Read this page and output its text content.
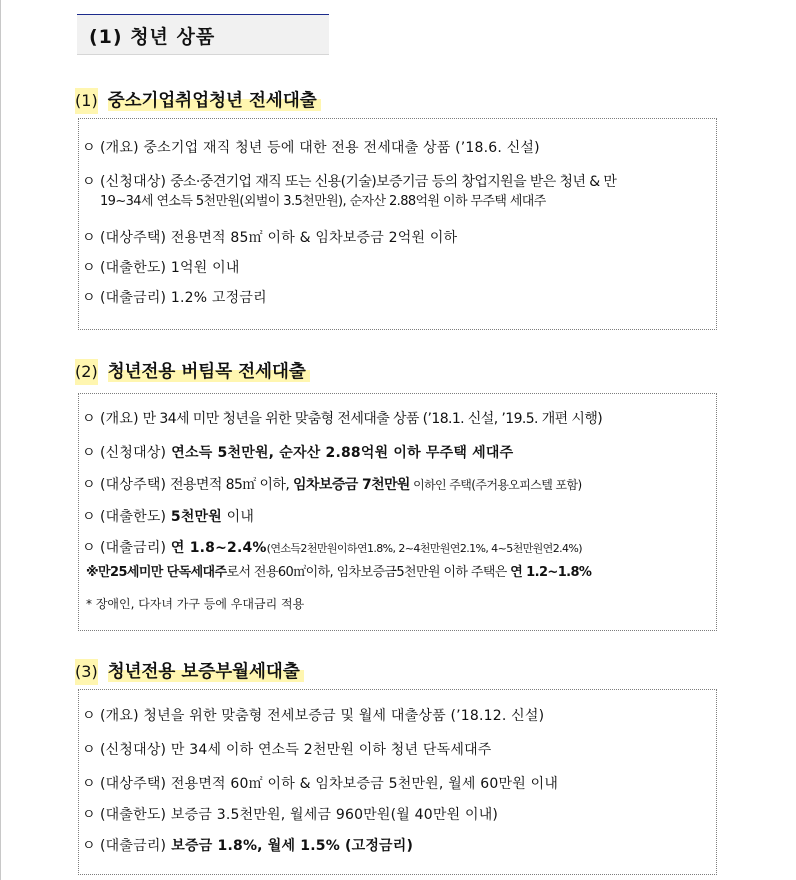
(1) 청년 상품
(1) 중소기업취업청년 전세대출
ㅇ (개요) 중소기업 재직 청년 등에 대한 전용 전세대출 상품 (’18.6. 신설)
ㅇ (신청대상) 중소·중견기업 재직 또는 신용(기술)보증기금 등의 창업지원을 받은 청년 & 만
19~34세 연소득 5천만원(외벌이 3.5천만원), 순자산 2.88억원 이하 무주택 세대주
ㅇ (대상주택) 전용면적 85㎡ 이하 & 임차보증금 2억원 이하
ㅇ (대출한도) 1억원 이내
ㅇ (대출금리) 1.2% 고정금리
(2) 청년전용 버팀목 전세대출
ㅇ (개요) 만 34세 미만 청년을 위한 맞춤형 전세대출 상품 (’18.1. 신설, ’19.5. 개편 시행)
ㅇ (신청대상) 연소득 5천만원, 순자산 2.88억원 이하 무주택 세대주
ㅇ (대상주택) 전용면적 85㎡ 이하, 임차보증금 7천만원 이하인 주택(주거용오피스텔 포함)
ㅇ (대출한도) 5천만원 이내
ㅇ (대출금리) 연 1.8~2.4%(연소득2천만원이하연1.8%, 2~4천만원연2.1%, 4~5천만원연2.4%)
※만25세미만 단독세대주로서 전용60㎡이하, 임차보증금5천만원 이하 주택은 연 1.2~1.8%
* 장애인, 다자녀 가구 등에 우대금리 적용
(3) 청년전용 보증부월세대출
ㅇ (개요) 청년을 위한 맞춤형 전세보증금 및 월세 대출상품 (’18.12. 신설)
ㅇ (신청대상) 만 34세 이하 연소득 2천만원 이하 청년 단독세대주
ㅇ (대상주택) 전용면적 60㎡ 이하 & 임차보증금 5천만원, 월세 60만원 이내
ㅇ (대출한도) 보증금 3.5천만원, 월세금 960만원(월 40만원 이내)
ㅇ (대출금리) 보증금 1.8%, 월세 1.5% (고정금리)
